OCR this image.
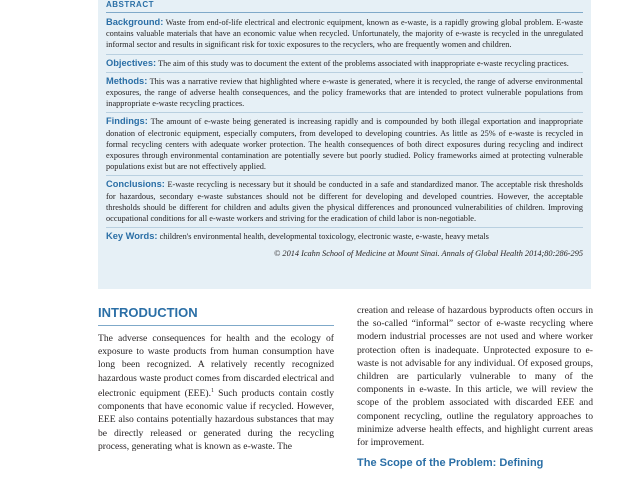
ABSTRACT

Background: Waste from end-of-life electrical and electronic equipment, known as e-waste, is a rapidly growing global problem. E-waste contains valuable materials that have an economic value when recycled. Unfortunately, the majority of e-waste is recycled in the unregulated informal sector and results in significant risk for toxic exposures to the recyclers, who are frequently women and children.

Objectives: The aim of this study was to document the extent of the problems associated with inappropriate e-waste recycling practices.

Methods: This was a narrative review that highlighted where e-waste is generated, where it is recycled, the range of adverse environmental exposures, the range of adverse health consequences, and the policy frameworks that are intended to protect vulnerable populations from inappropriate e-waste recycling practices.

Findings: The amount of e-waste being generated is increasing rapidly and is compounded by both illegal exportation and inappropriate donation of electronic equipment, especially computers, from developed to developing countries. As little as 25% of e-waste is recycled in formal recycling centers with adequate worker protection. The health consequences of both direct exposures during recycling and indirect exposures through environmental contamination are potentially severe but poorly studied. Policy frameworks aimed at protecting vulnerable populations exist but are not effectively applied.

Conclusions: E-waste recycling is necessary but it should be conducted in a safe and standardized manor. The acceptable risk thresholds for hazardous, secondary e-waste substances should not be different for developing and developed countries. However, the acceptable thresholds should be different for children and adults given the physical differences and pronounced vulnerabilities of children. Improving occupational conditions for all e-waste workers and striving for the eradication of child labor is non-negotiable.

Key Words: children's environmental health, developmental toxicology, electronic waste, e-waste, heavy metals

© 2014 Icahn School of Medicine at Mount Sinai. Annals of Global Health 2014;80:286-295
INTRODUCTION

The adverse consequences for health and the ecology of exposure to waste products from human consumption have long been recognized. A relatively recently recognized hazardous waste product comes from discarded electrical and electronic equipment (EEE).$^1$ Such products contain costly components that have economic value if recycled. However, EEE also contains potentially hazardous substances that may be directly released or generated during the recycling process, generating what is known as e-waste. The

creation and release of hazardous byproducts often occurs in the so-called “informal” sector of e-waste recycling where modern industrial processes are not used and where worker protection often is inadequate. Unprotected exposure to e-waste is not advisable for any individual. Of exposed groups, children are particularly vulnerable to many of the components in e-waste. In this article, we will review the scope of the problem associated with discarded EEE and component recycling, outline the regulatory approaches to minimize adverse health effects, and highlight current areas for improvement.

The Scope of the Problem: Defining
